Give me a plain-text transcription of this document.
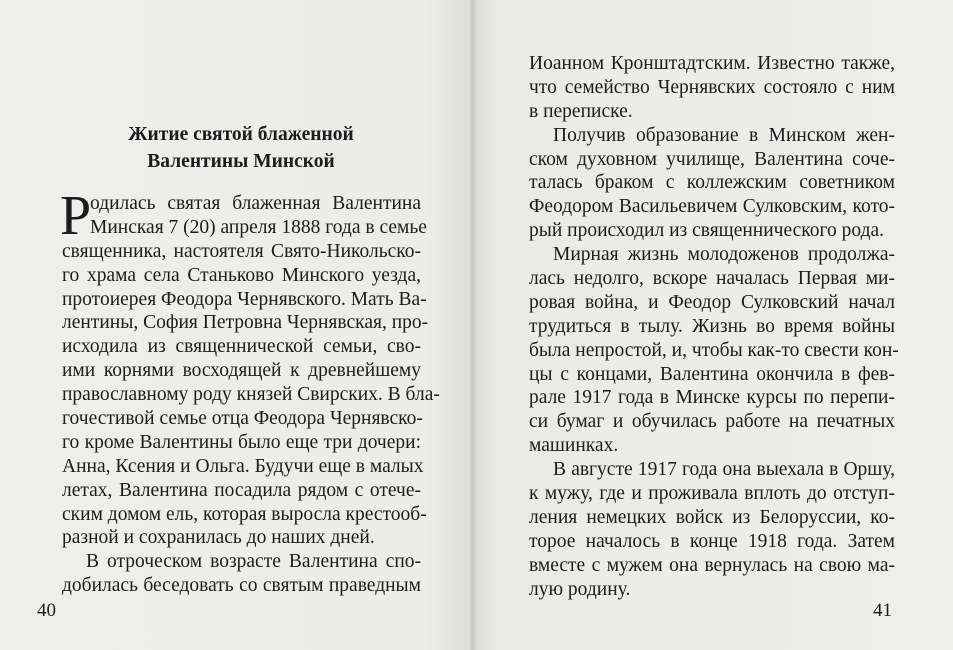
Житие святой блаженной
Валентины Минской
Р
одилась святая блаженная Валентина
Минская 7 (20) апреля 1888 года в семье
священника, настоятеля Свято-Никольско-
го храма села Станьково Минского уезда,
протоиерея Феодора Чернявского. Мать Ва-
лентины, София Петровна Чернявская, про-
исходила из священнической семьи, сво-
ими корнями восходящей к древнейшему
православному роду князей Свирских. В бла-
гочестивой семье отца Феодора Чернявско-
го кроме Валентины было еще три дочери:
Анна, Ксения и Ольга. Будучи еще в малых
летах, Валентина посадила рядом с отече-
ским домом ель, которая выросла крестооб-
разной и сохранилась до наших дней.
В отроческом возрасте Валентина спо-
добилась беседовать со святым праведным
40
Иоанном Кронштадтским. Известно также,
что семейство Чернявских состояло с ним
в переписке.
Получив образование в Минском жен-
ском духовном училище, Валентина сочe-
талась браком с коллежским советником
Феодором Васильевичем Сулковским, кото-
рый происходил из священнического рода.
Мирная жизнь молодоженов продолжа-
лась недолго, вскоре началась Первая ми-
ровая война, и Феодор Сулковский начал
трудиться в тылу. Жизнь во время войны
была непростой, и, чтобы как-то свести кон-
цы с концами, Валентина окончила в фев-
рале 1917 года в Минске курсы по перепи-
си бумаг и обучилась работе на печатных
машинках.
В августе 1917 года она выехала в Оршу,
к мужу, где и проживала вплоть до отступ-
ления немецких войск из Белоруссии, ко-
торое началось в конце 1918 года. Затем
вместе с мужем она вернулась на свою ма-
лую родину.
41
